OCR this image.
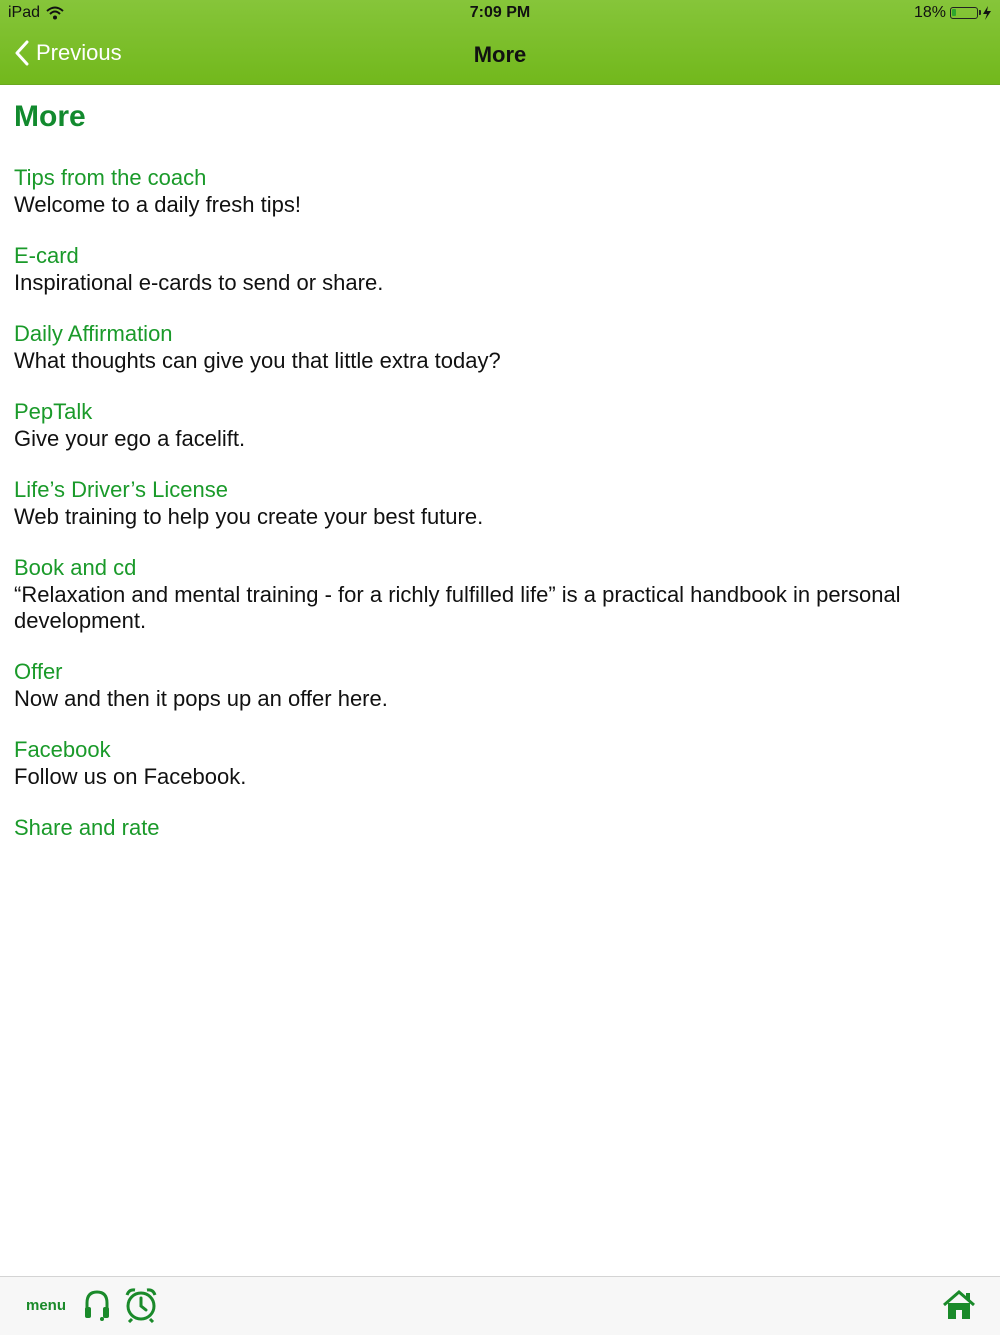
iPad	7:09 PM	18%
Previous	More
More
Tips from the coach
Welcome to a daily fresh tips!
E-card
Inspirational e-cards to send or share.
Daily Affirmation
What thoughts can give you that little extra today?
PepTalk
Give your ego a facelift.
Life’s Driver’s License
Web training to help you create your best future.
Book and cd
“Relaxation and mental training - for a richly fulfilled life” is a practical handbook in personal development.
Offer
Now and then it pops up an offer here.
Facebook
Follow us on Facebook.
Share and rate
menu
